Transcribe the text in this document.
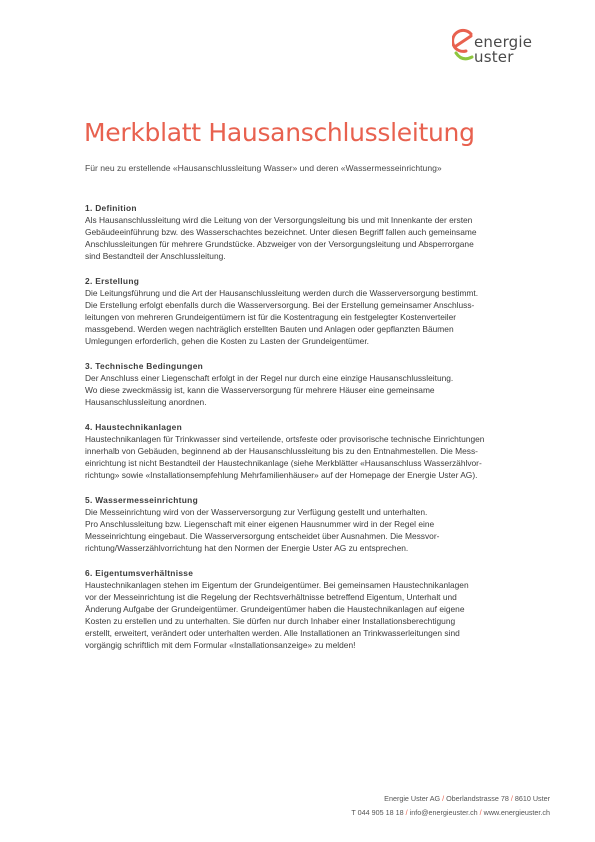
energie
uster
Merkblatt Hausanschlussleitung
Für neu zu erstellende «Hausanschlussleitung Wasser» und deren «Wassermesseinrichtung»
1. Definition
Als Hausanschlussleitung wird die Leitung von der Versorgungsleitung bis und mit Innenkante der ersten
Gebäudeeinführung bzw. des Wasserschachtes bezeichnet. Unter diesen Begriff fallen auch gemeinsame
Anschlussleitungen für mehrere Grundstücke. Abzweiger von der Versorgungsleitung und Absperrorgane
sind Bestandteil der Anschlussleitung.
2. Erstellung
Die Leitungsführung und die Art der Hausanschlussleitung werden durch die Wasserversorgung bestimmt.
Die Erstellung erfolgt ebenfalls durch die Wasserversorgung. Bei der Erstellung gemeinsamer Anschluss-
leitungen von mehreren Grundeigentümern ist für die Kostentragung ein festgelegter Kostenverteiler
massgebend. Werden wegen nachträglich erstellten Bauten und Anlagen oder gepflanzten Bäumen
Umlegungen erforderlich, gehen die Kosten zu Lasten der Grundeigentümer.
3. Technische Bedingungen
Der Anschluss einer Liegenschaft erfolgt in der Regel nur durch eine einzige Hausanschlussleitung.
Wo diese zweckmässig ist, kann die Wasserversorgung für mehrere Häuser eine gemeinsame
Hausanschlussleitung anordnen.
4. Haustechnikanlagen
Haustechnikanlagen für Trinkwasser sind verteilende, ortsfeste oder provisorische technische Einrichtungen
innerhalb von Gebäuden, beginnend ab der Hausanschlussleitung bis zu den Entnahmestellen. Die Mess-
einrichtung ist nicht Bestandteil der Haustechnikanlage (siehe Merkblätter «Hausanschluss Wasserzählvor-
richtung» sowie «Installationsempfehlung Mehrfamilienhäuser» auf der Homepage der Energie Uster AG).
5. Wassermesseinrichtung
Die Messeinrichtung wird von der Wasserversorgung zur Verfügung gestellt und unterhalten.
Pro Anschlussleitung bzw. Liegenschaft mit einer eigenen Hausnummer wird in der Regel eine
Messeinrichtung eingebaut. Die Wasserversorgung entscheidet über Ausnahmen. Die Messvor-
richtung/Wasserzählvorrichtung hat den Normen der Energie Uster AG zu entsprechen.
6. Eigentumsverhältnisse
Haustechnikanlagen stehen im Eigentum der Grundeigentümer. Bei gemeinsamen Haustechnikanlagen
vor der Messeinrichtung ist die Regelung der Rechtsverhältnisse betreffend Eigentum, Unterhalt und
Änderung Aufgabe der Grundeigentümer. Grundeigentümer haben die Haustechnikanlagen auf eigene
Kosten zu erstellen und zu unterhalten. Sie dürfen nur durch Inhaber einer Installationsberechtigung
erstellt, erweitert, verändert oder unterhalten werden. Alle Installationen an Trinkwasserleitungen sind
vorgängig schriftlich mit dem Formular «Installationsanzeige» zu melden!
Energie Uster AG / Oberlandstrasse 78 / 8610 Uster
T 044 905 18 18 / info@energieuster.ch / www.energieuster.ch
